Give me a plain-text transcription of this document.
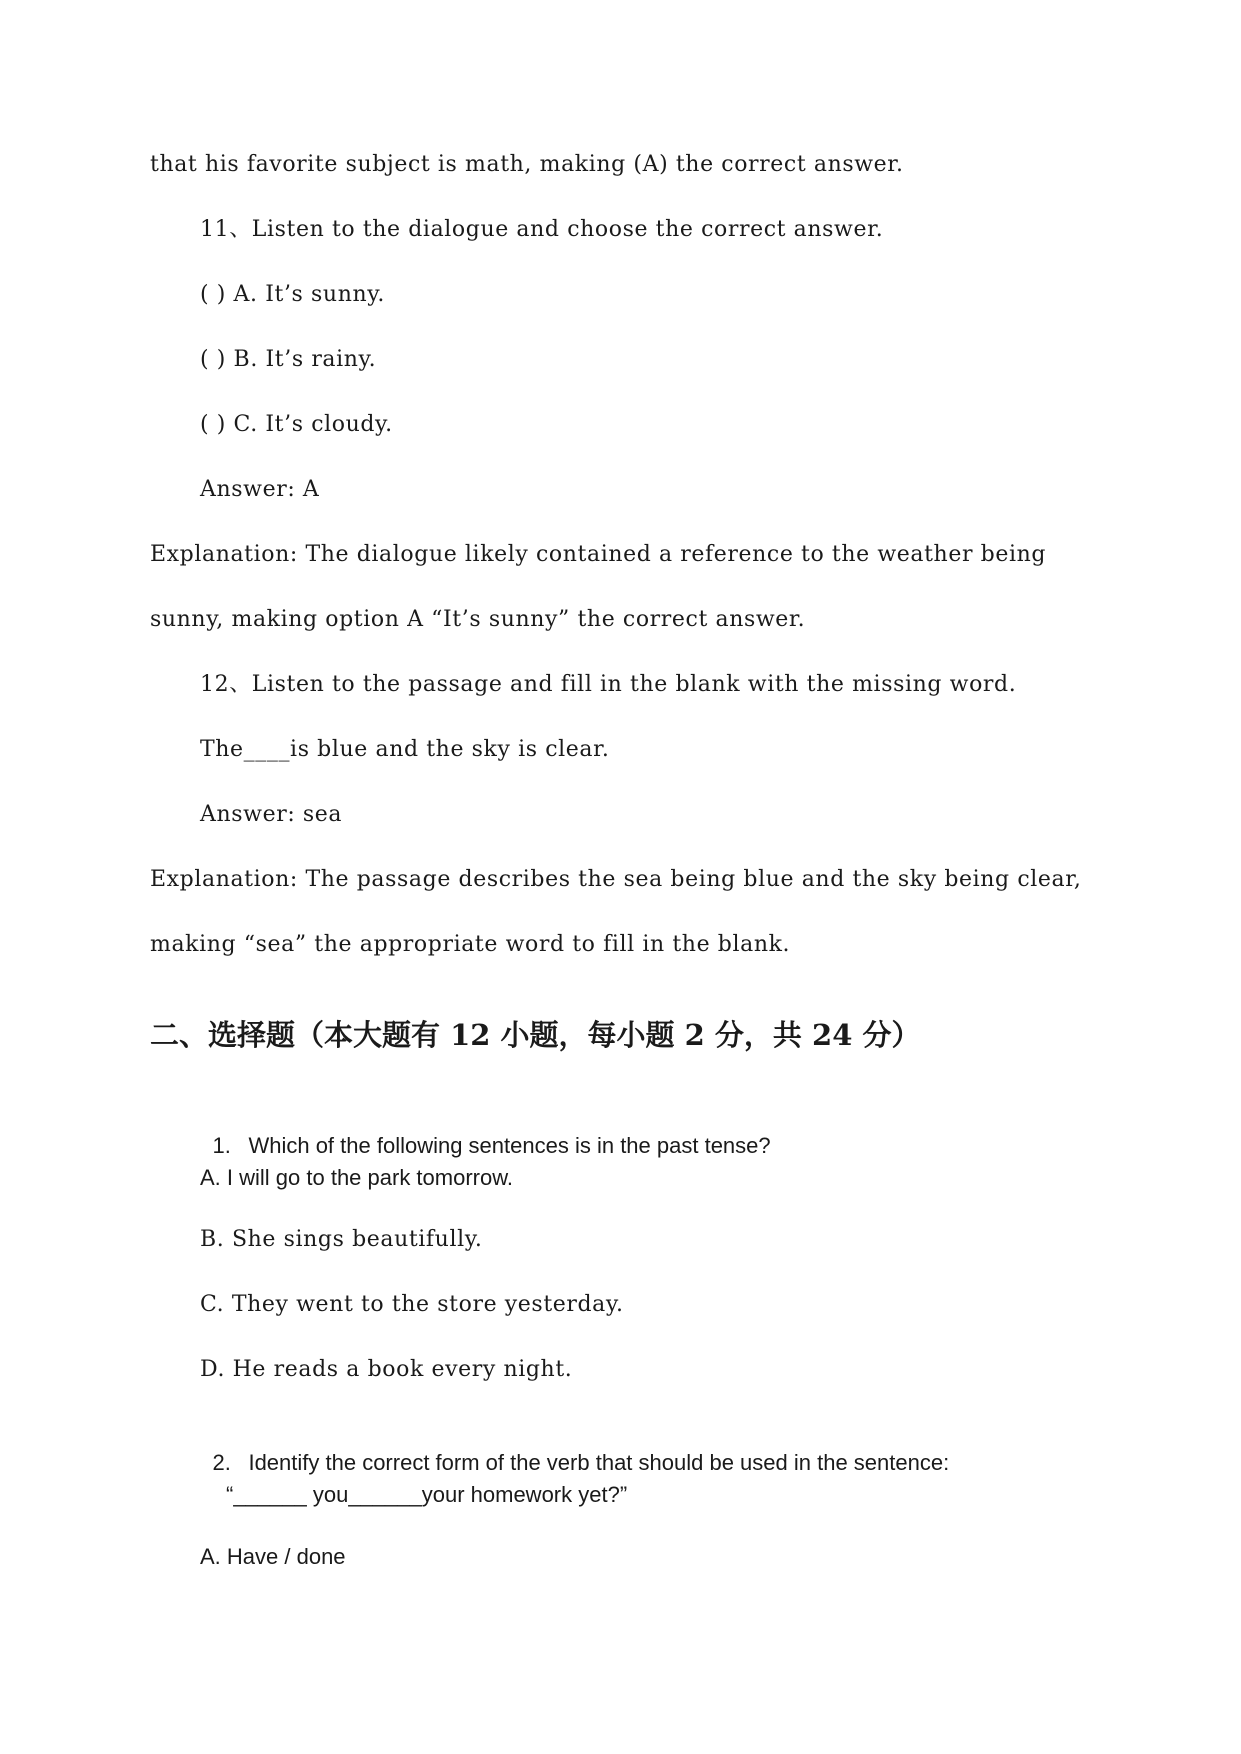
that his favorite subject is math, making (A) the correct answer.
11、Listen to the dialogue and choose the correct answer.
( ) A. It’s sunny.
( ) B. It’s rainy.
( ) C. It’s cloudy.
Answer: A
Explanation: The dialogue likely contained a reference to the weather being
sunny, making option A “It’s sunny” the correct answer.
12、Listen to the passage and fill in the blank with the missing word.
The____is blue and the sky is clear.
Answer: sea
Explanation: The passage describes the sea being blue and the sky being clear,
making “sea” the appropriate word to fill in the blank.
二、选择题（本大题有 12 小题，每小题 2 分，共 24 分）

1. Which of the following sentences is in the past tense?

A. I will go to the park tomorrow.
B. She sings beautifully.
C. They went to the store yesterday.
D. He reads a book every night.

2. Identify the correct form of the verb that should be used in the sentence:

“______ you______your homework yet?”
A. Have / done
